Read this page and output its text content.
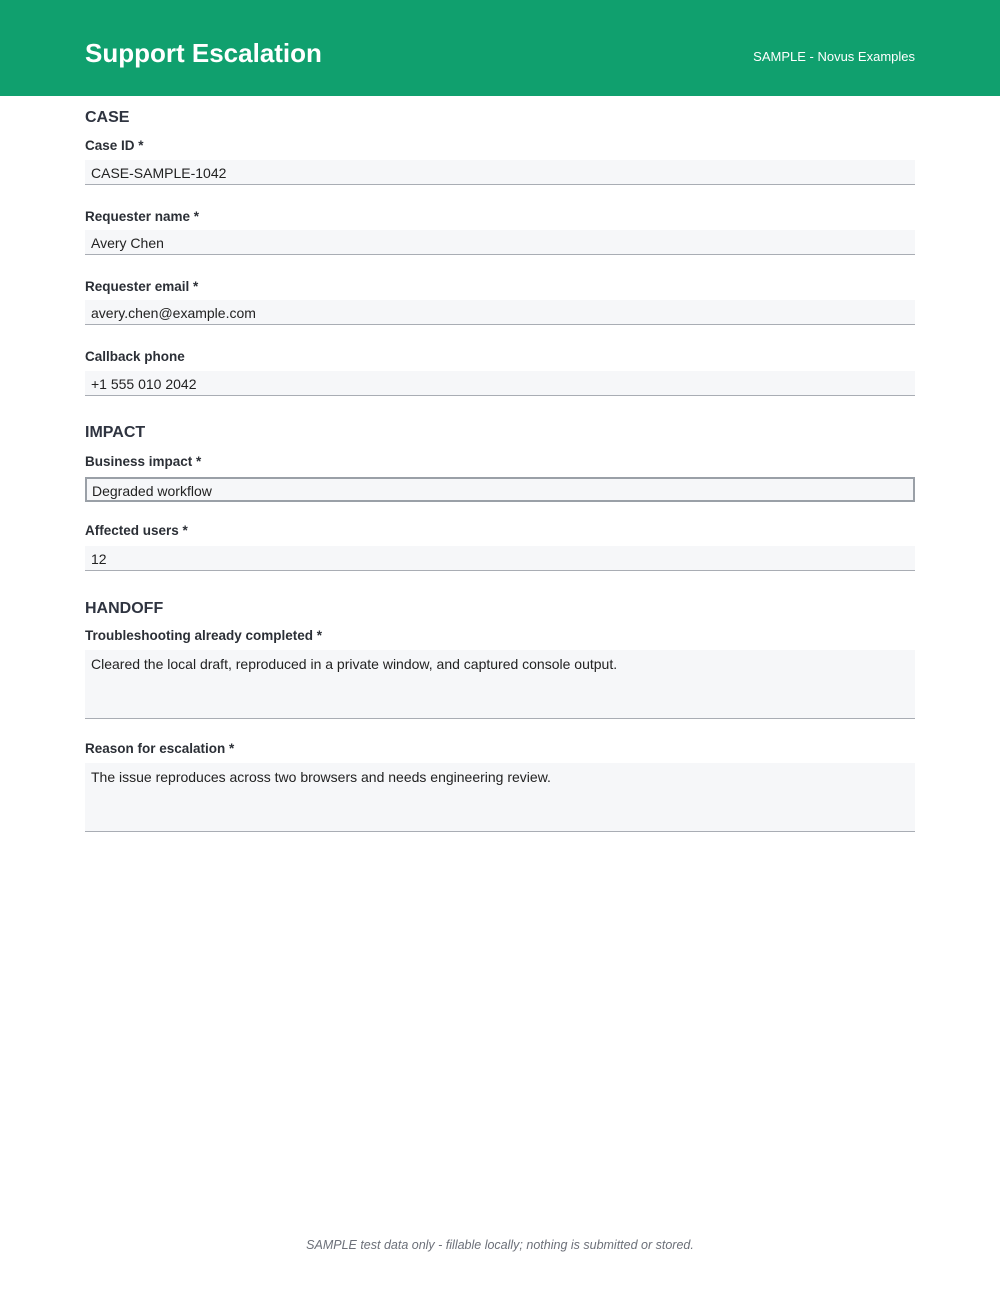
Support Escalation	SAMPLE - Novus Examples
CASE
Case ID *
CASE-SAMPLE-1042
Requester name *
Avery Chen
Requester email *
avery.chen@example.com
Callback phone
+1 555 010 2042
IMPACT
Business impact *
Degraded workflow
Affected users *
12
HANDOFF
Troubleshooting already completed *
Cleared the local draft, reproduced in a private window, and captured console output.
Reason for escalation *
The issue reproduces across two browsers and needs engineering review.
SAMPLE test data only - fillable locally; nothing is submitted or stored.
